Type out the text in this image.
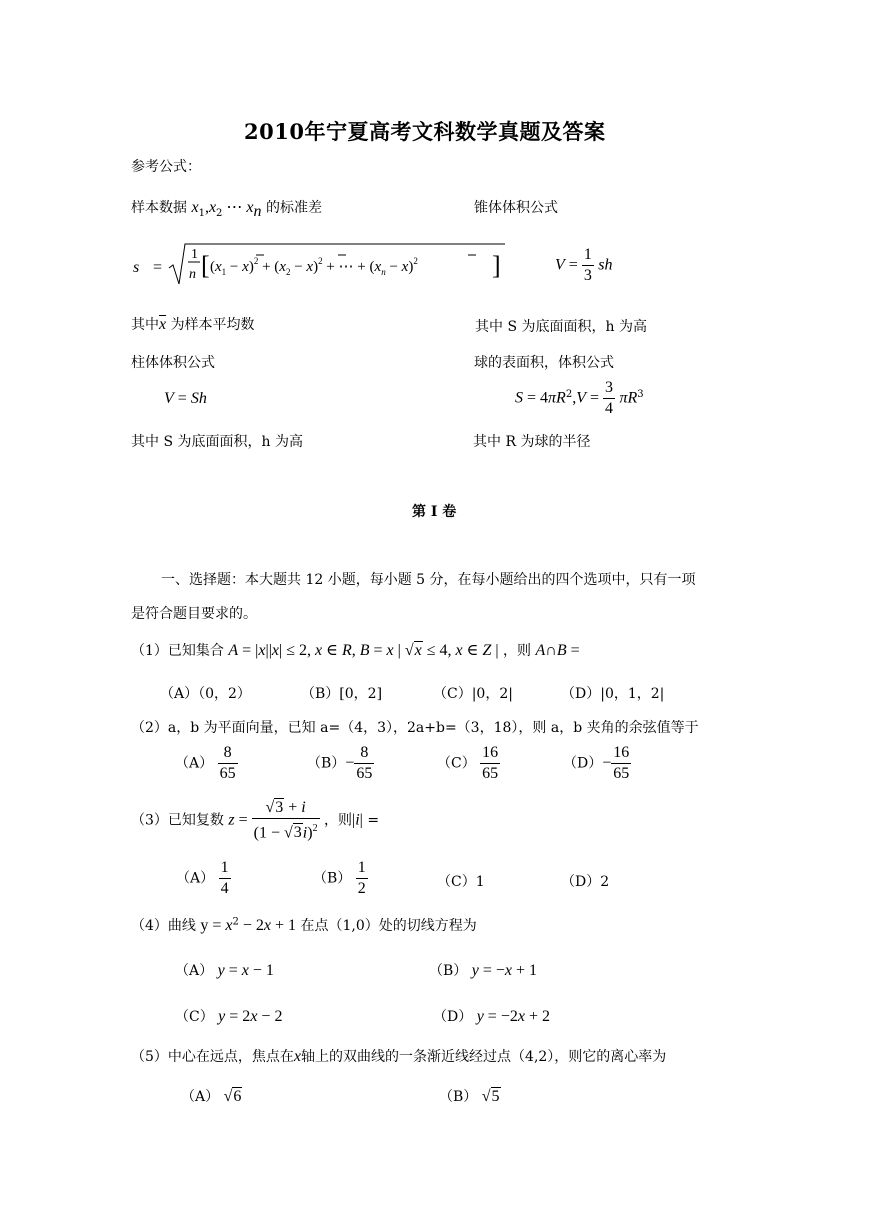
2010年宁夏高考文科数学真题及答案
参考公式：
样本数据 $x_1,x_2$ ⋯ $x_n$ 的标准差	锥体体积公式
s =
1
n [ $(x_1 - x)^2 + (x_2 - x)^2$ + ⋯ + $(x_n - x)^2$	]	$V = \frac{1}{3}$ sh
其中$\overline{x}$ 为样本平均数	其中 S 为底面面积，h 为高
柱体体积公式	球的表面积，体积公式
V = Sh	$S = 4\pi R^2,V = \frac{3}{4} \pi R^3$
其中 S 为底面面积，h 为高	其中 R 为球的半径
第 I 卷
一、选择题：本大题共 12 小题，每小题 5 分，在每小题给出的四个选项中，只有一项
是符合题目要求的。
（1）已知集合 A = |x||x| ≤ 2, x ∈ R, B = x | √x ≤ 4, x ∈ Z | ，则 A∩B =
（A）（0，2）	（B）[0，2]	（C）|0，2|	（D）|0，1，2|
（2）a，b 为平面向量，已知 a=（4，3），2a+b=（3，18），则 a，b 夹角的余弦值等于
$(A) \frac{8}{65}$	$(B)- \frac{8}{65}$	$(C) \frac{16}{65}$	$(D)- \frac{16}{65}$
（3）已知复数 $z = \frac{√3 + i}{(1 - √3i)^2}$ ，则|i| =
$(A) \frac{1}{4}$	$(B) \frac{1}{2}$	（C）1	（D）2
（4）曲线 $y = x^2 - 2x + 1$ 在点（1,0）处的切线方程为
（A） y = x − 1	（B） y = −x + 1
（C） y = 2x − 2	（D） y = −2x + 2
（5）中心在远点，焦点在x轴上的双曲线的一条渐近线经过点（4,2），则它的离心率为
（A） √6	（B） √5
